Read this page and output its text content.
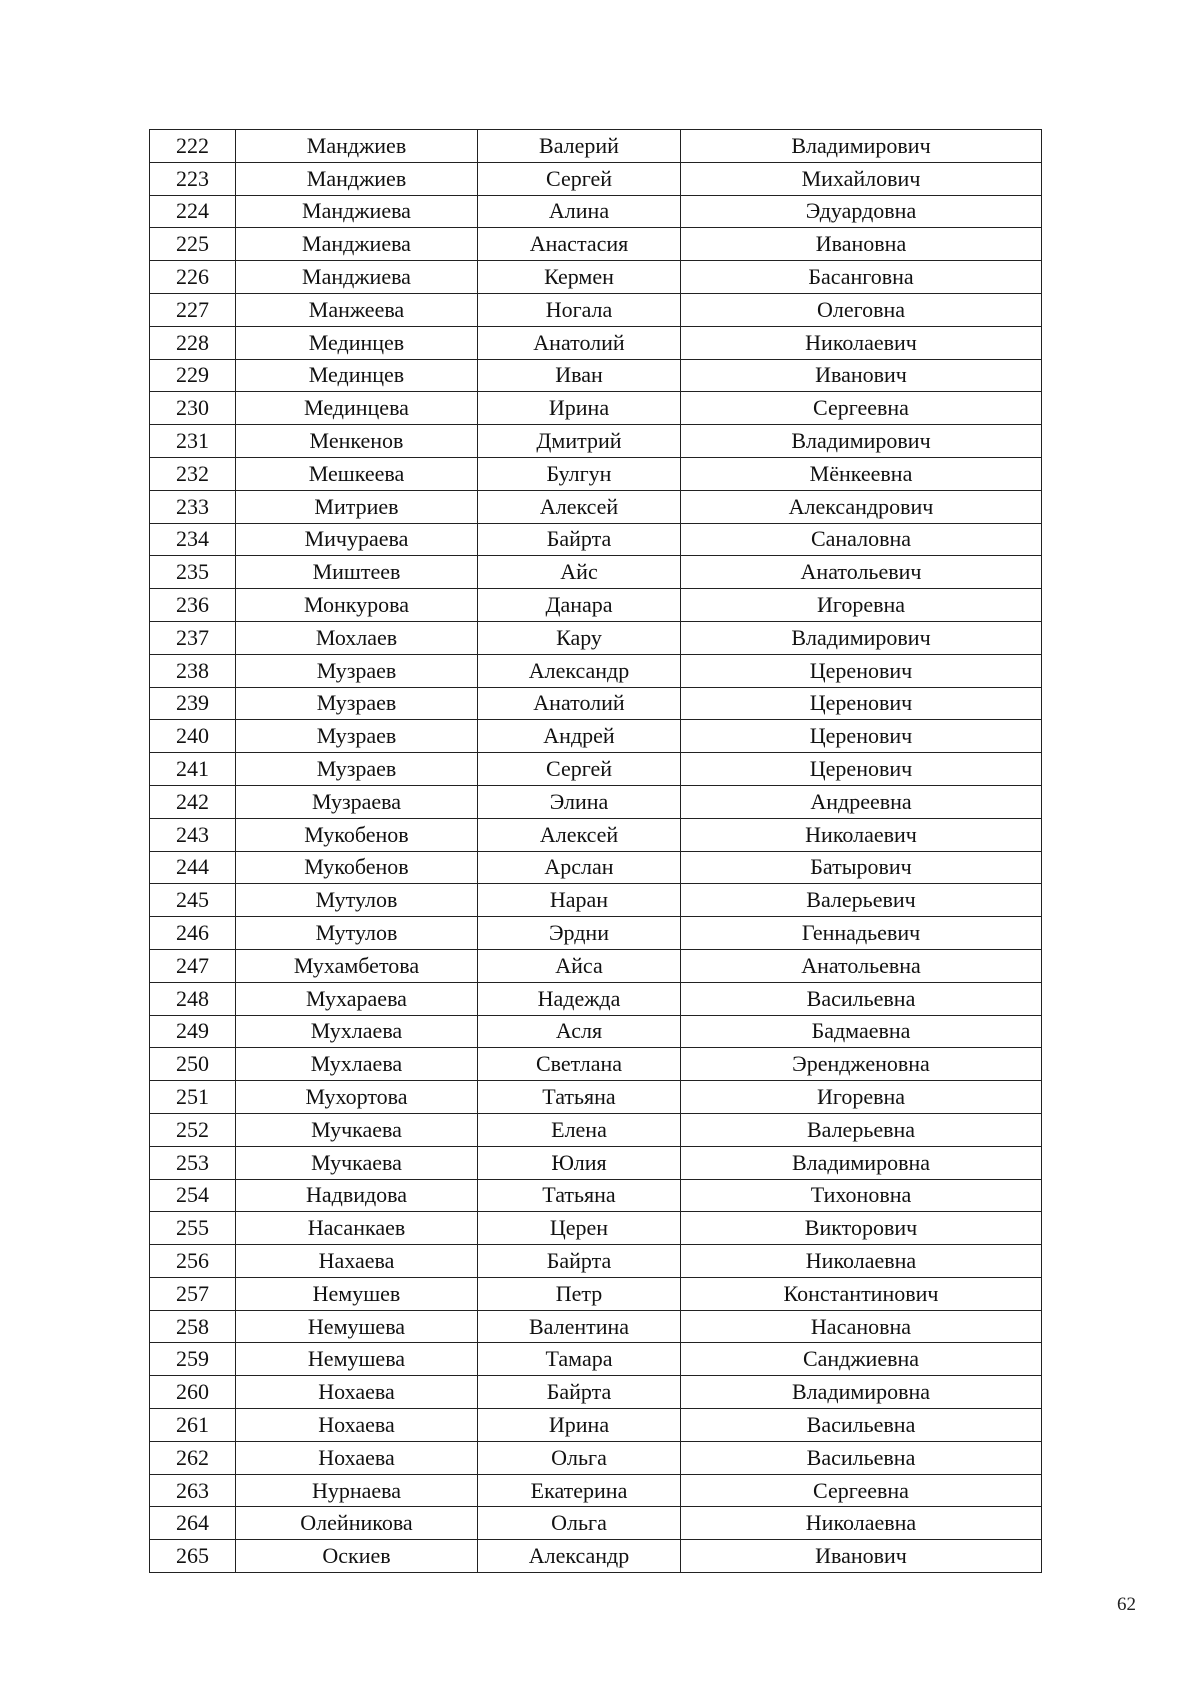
222	Манджиев	Валерий	Владимирович
223	Манджиев	Сергей	Михайлович
224	Манджиева	Алина	Эдуардовна
225	Манджиева	Анастасия	Ивановна
226	Манджиева	Кермен	Басанговна
227	Манжеева	Ногала	Олеговна
228	Мединцев	Анатолий	Николаевич
229	Мединцев	Иван	Иванович
230	Мединцева	Ирина	Сергеевна
231	Менкенов	Дмитрий	Владимирович
232	Мешкеева	Булгун	Мёнкеевна
233	Митриев	Алексей	Александрович
234	Мичураева	Байрта	Саналовна
235	Миштеев	Айс	Анатольевич
236	Монкурова	Данара	Игоревна
237	Мохлаев	Кару	Владимирович
238	Музраев	Александр	Церенович
239	Музраев	Анатолий	Церенович
240	Музраев	Андрей	Церенович
241	Музраев	Сергей	Церенович
242	Музраева	Элина	Андреевна
243	Мукобенов	Алексей	Николаевич
244	Мукобенов	Арслан	Батырович
245	Мутулов	Наран	Валерьевич
246	Мутулов	Эрдни	Геннадьевич
247	Мухамбетова	Айса	Анатольевна
248	Мухараева	Надежда	Васильевна
249	Мухлаева	Асля	Бадмаевна
250	Мухлаева	Светлана	Эрендженовна
251	Мухортова	Татьяна	Игоревна
252	Мучкаева	Елена	Валерьевна
253	Мучкаева	Юлия	Владимировна
254	Надвидова	Татьяна	Тихоновна
255	Насанкаев	Церен	Викторович
256	Нахаева	Байрта	Николаевна
257	Немушев	Петр	Константинович
258	Немушева	Валентина	Насановна
259	Немушева	Тамара	Санджиевна
260	Нохаева	Байрта	Владимировна
261	Нохаева	Ирина	Васильевна
262	Нохаева	Ольга	Васильевна
263	Нурнаева	Екатерина	Сергеевна
264	Олейникова	Ольга	Николаевна
265	Оскиев	Александр	Иванович
62
